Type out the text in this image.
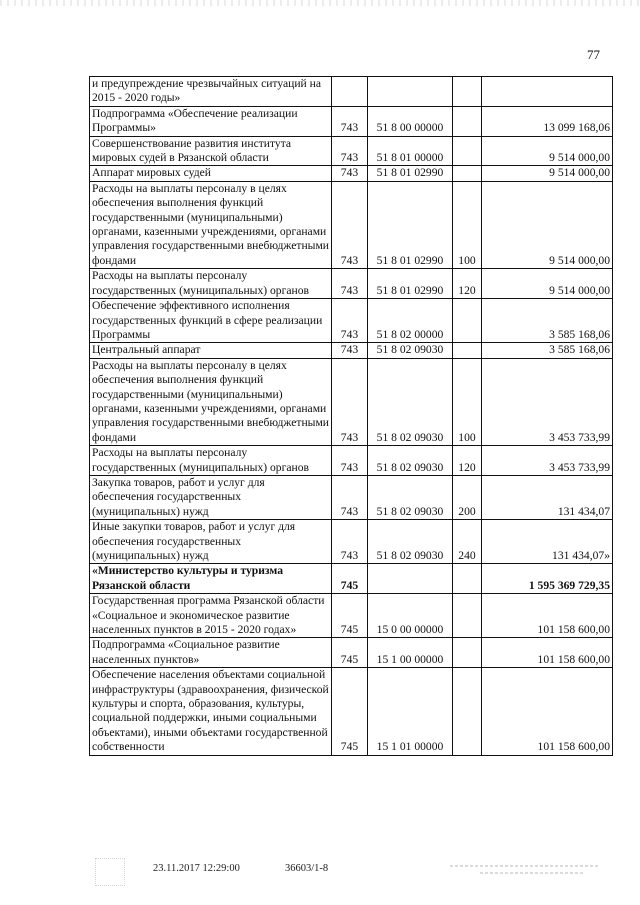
77
и предупреждение чрезвычайных ситуаций на 2015 - 2020 годы»				
Подпрограмма «Обеспечение реализации Программы»	743	51 8 00 00000		13 099 168,06
Совершенствование развития института мировых судей в Рязанской области	743	51 8 01 00000		9 514 000,00
Аппарат мировых судей	743	51 8 01 02990		9 514 000,00
Расходы на выплаты персоналу в целях обеспечения выполнения функций государственными (муниципальными) органами, казенными учреждениями, органами управления государственными внебюджетными фондами	743	51 8 01 02990	100	9 514 000,00
Расходы на выплаты персоналу государственных (муниципальных) органов	743	51 8 01 02990	120	9 514 000,00
Обеспечение эффективного исполнения государственных функций в сфере реализации Программы	743	51 8 02 00000		3 585 168,06
Центральный аппарат	743	51 8 02 09030		3 585 168,06
Расходы на выплаты персоналу в целях обеспечения выполнения функций государственными (муниципальными) органами, казенными учреждениями, органами управления государственными внебюджетными фондами	743	51 8 02 09030	100	3 453 733,99
Расходы на выплаты персоналу государственных (муниципальных) органов	743	51 8 02 09030	120	3 453 733,99
Закупка товаров, работ и услуг для обеспечения государственных (муниципальных) нужд	743	51 8 02 09030	200	131 434,07
Иные закупки товаров, работ и услуг для обеспечения государственных (муниципальных) нужд	743	51 8 02 09030	240	131 434,07»
«Министерство культуры и туризма Рязанской области	745			1 595 369 729,35
Государственная программа Рязанской области «Социальное и экономическое развитие населенных пунктов в 2015 - 2020 годах»	745	15 0 00 00000		101 158 600,00
Подпрограмма «Социальное развитие населенных пунктов»	745	15 1 00 00000		101 158 600,00
Обеспечение населения объектами социальной инфраструктуры (здравоохранения, физической культуры и спорта, образования, культуры, социальной поддержки, иными социальными объектами), иными объектами государственной собственности	745	15 1 01 00000		101 158 600,00
23.11.2017 12:29:00	36603/1-8
